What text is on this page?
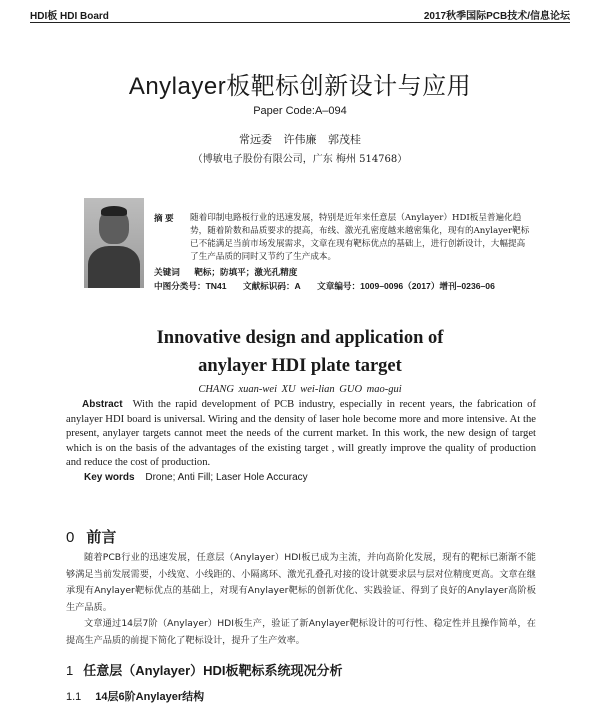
HDI板 HDI Board	2017秋季国际PCB技术/信息论坛
Anylayer板靶标创新设计与应用
Paper Code:A–094
常远委 许伟廉 郭茂桂
（博敏电子股份有限公司，广东 梅州 514768）
摘 要 随着印制电路板行业的迅速发展，特别是近年来任意层（Anylayer）HDI板呈普遍化趋势，随着阶数和品质要求的提高，布线、激光孔密度越来越密集化，现有的Anylayer靶标已不能满足当前市场发展需求，文章在现有靶标优点的基础上，进行创新设计，大幅提高了生产品质的同时又节约了生产成本。
关键词 靶标；防填平；激光孔精度
中图分类号：TN41 文献标识码：A 文章编号：1009–0096（2017）增刊–0236–06
Innovative design and application of
anylayer HDI plate target
CHANG xuan-wei XU wei-lian GUO mao-gui
Abstract With the rapid development of PCB industry, especially in recent years, the fabrication of anylayer HDI board is universal. Wiring and the density of laser hole become more and more intensive. At the present, anylayer targets cannot meet the needs of the current market. In this work, the new design of target which is on the basis of the advantages of the existing target , will greatly improve the quality of production and reduce the cost of production.
Key words Drone; Anti Fill; Laser Hole Accuracy
0 前言
随着PCB行业的迅速发展，任意层（Anylayer）HDI板已成为主流，并向高阶化发展，现有的靶标已渐渐不能够满足当前发展需要，小线宽、小线距的、小隔离环、激光孔叠孔对接的设计就要求层与层对位精度更高。文章在继承现有Anylayer靶标优点的基础上，对现有Anylayer靶标的创新优化、实践验证、得到了良好的Anylayer高阶板生产品质。
文章通过14层7阶（Anylayer）HDI板生产，验证了新Anylayer靶标设计的可行性、稳定性并且操作简单，在提高生产品质的前提下简化了靶标设计，提升了生产效率。
1 任意层（Anylayer）HDI板靶标系统现况分析
1.1 14层6阶Anylayer结构
